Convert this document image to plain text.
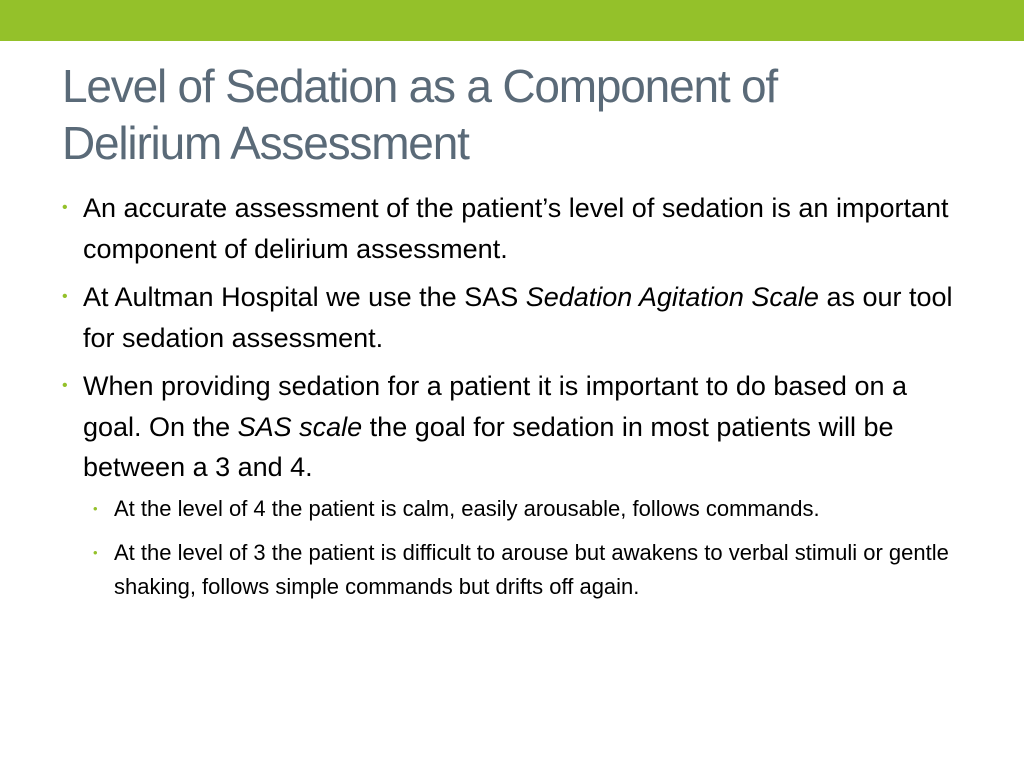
Level of Sedation as a Component of
Delirium Assessment
• An accurate assessment of the patient’s level of sedation is an important component of delirium assessment.
• At Aultman Hospital we use the SAS Sedation Agitation Scale as our tool for sedation assessment.
• When providing sedation for a patient it is important to do based on a goal. On the SAS scale the goal for sedation in most patients will be between a 3 and 4.
• At the level of 4 the patient is calm, easily arousable, follows commands.
• At the level of 3 the patient is difficult to arouse but awakens to verbal stimuli or gentle shaking, follows simple commands but drifts off again.
